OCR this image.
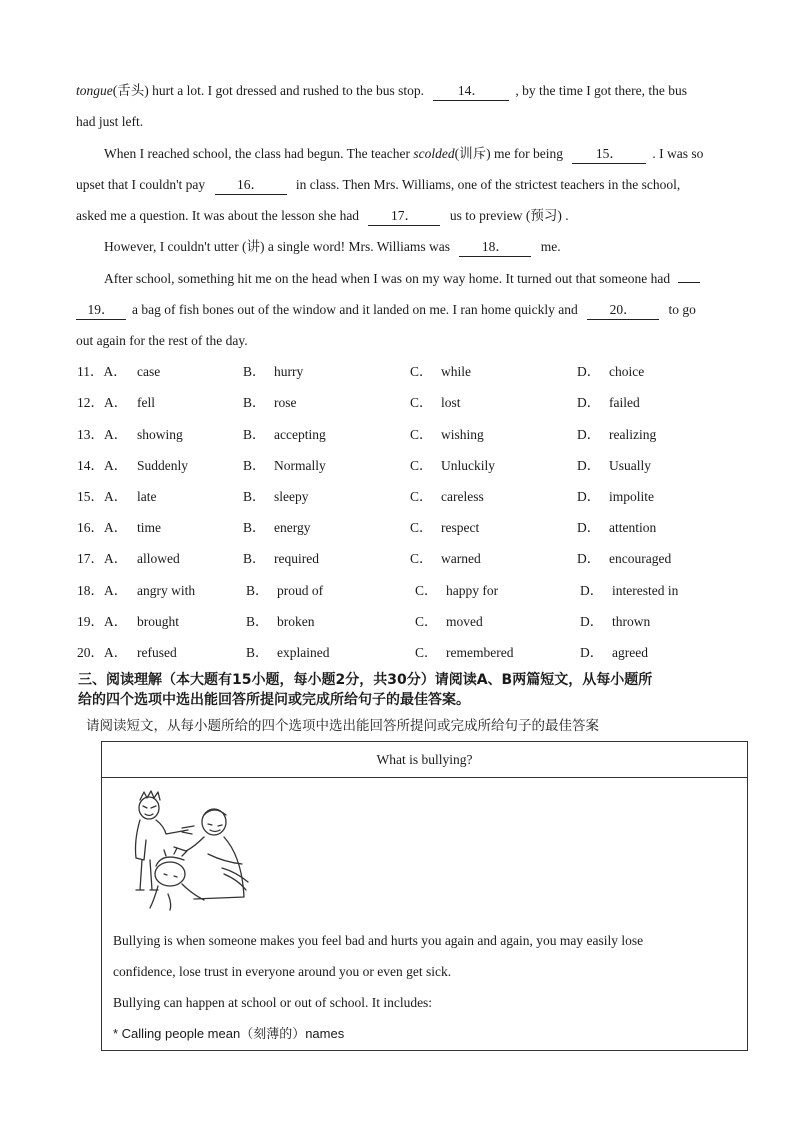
tongue(舌头) hurt a lot. I got dressed and rushed to the bus stop.	14． , by the time I got there, the bus
had just left.
When I reached school, the class had begun. The teacher scolded(训斥) me for being 15． . I was so
upset that I couldn't pay 16． in class. Then Mrs. Williams, one of the strictest teachers in the school,
asked me a question. It was about the lesson she had 17． us to preview (预习) .
However, I couldn't utter (讲) a single word! Mrs. Williams was 18． me.
After school, something hit me on the head when I was on my way home. It turned out that someone had
19． a bag of fish bones out of the window and it landed on me. I ran home quickly and 20． to go
out again for the rest of the day.
11．A． case	B． hurry	C． while	D． choice
12．A． fell	B． rose	C． lost	D． failed
13．A． showing	B． accepting	C． wishing	D． realizing
14．A． Suddenly	B． Normally	C． Unluckily	D． Usually
15．A． late	B． sleepy	C． careless	D． impolite
16．A． time	B． energy	C． respect	D． attention
17．A． allowed	B． required	C． warned	D． encouraged
18．A． angry with	B． proud of	C． happy for	D． interested in
19．A． brought	B． broken	C． moved	D． thrown
20．A． refused	B． explained	C． remembered	D． agreed
三、阅读理解（本大题有15小题，每小题2分，共30分）请阅读A、B两篇短文，从每小题所
给的四个选项中选出能回答所提问或完成所给句子的最佳答案。
请阅读短文，从每小题所给的四个选项中选出能回答所提问或完成所给句子的最佳答案
What is bullying?
Bullying is when someone makes you feel bad and hurts you again and again, you may easily lose
confidence, lose trust in everyone around you or even get sick.
Bullying can happen at school or out of school. It includes:
* Calling people mean（刻薄的）names
